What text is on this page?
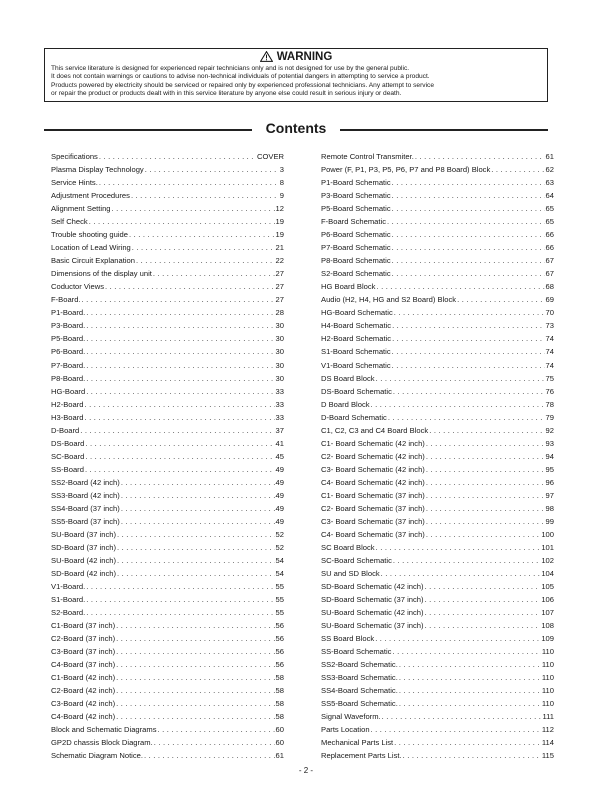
WARNING
This service literature is designed for experienced repair technicians only and is not designed for use by the general public.
It does not contain warnings or cautions to advise non-technical individuals of potential dangers in attempting to service a product.
Products powered by electricity should be serviced or repaired only by experienced professional technicians. Any attempt to service
or repair the product or products dealt with in this service literature by anyone else could result in serious injury or death.
Contents
Specifications . . .	COVER
Plasma Display Technology . . .	3
Service Hints. . . .	8
Adjustment Procedures . . .	9
Alignment Setting . . .	12
Self Check . . .	19
Trouble shooting guide . . .	19
Location of Lead Wiring . . .	21
Basic Circuit Explanation . . .	22
Dimensions of the display unit . . .	27
Coductor Views . . .	27
F-Board. . . .	27
P1-Board. . . .	28
P3-Board. . . .	30
P5-Board. . . .	30
P6-Board. . . .	30
P7-Board. . . .	30
P8-Board. . . .	30
HG-Board . . .	33
H2-Board . . .	33
H3-Board . . .	33
D-Board . . .	37
DS-Board . . .	41
SC-Board . . .	45
SS-Board . . .	49
SS2-Board (42 inch) . . .	49
SS3-Board (42 inch) . . .	49
SS4-Board (37 inch) . . .	49
SS5-Board (37 inch) . . .	49
SU-Board (37 inch) . . .	52
SD-Board (37 inch) . . .	52
SU-Board (42 inch) . . .	54
SD-Board (42 inch) . . .	54
V1-Board. . . .	55
S1-Board. . . .	55
S2-Board. . . .	55
C1-Board (37 inch) . . .	56
C2-Board (37 inch) . . .	56
C3-Board (37 inch) . . .	56
C4-Board (37 inch) . . .	56
C1-Board (42 inch) . . .	58
C2-Board (42 inch) . . .	58
C3-Board (42 inch) . . .	58
C4-Board (42 inch) . . .	58
Block and Schematic Diagrams . . .	60
GP2D chassis Block Diagram. . . .	60
Schematic Diagram Notice. . . .	61
Remote Control Transmiter. . . .	61
Power (F, P1, P3, P5, P6, P7 and P8 Board) Block . . .	62
P1-Board Schematic . . .	63
P3-Board Schematic . . .	64
P5-Board Schematic . . .	65
F-Board Schematic . . .	65
P6-Board Schematic . . .	66
P7-Board Schematic . . .	66
P8-Board Schematic . . .	67
S2-Board Schematic . . .	67
HG Board Block . . .	68
Audio (H2, H4, HG and S2 Board) Block . . .	69
HG-Board Schematic . . .	70
H4-Board Schematic . . .	73
H2-Board Schematic . . .	74
S1-Board Schematic . . .	74
V1-Board Schematic . . .	74
DS Board Block . . .	75
DS-Board Schematic . . .	76
D Board Block . . .	78
D-Board Schematic . . .	79
C1, C2, C3 and C4 Board Block . . .	92
C1- Board Schematic (42 inch) . . .	93
C2- Board Schematic (42 inch) . . .	94
C3- Board Schematic (42 inch) . . .	95
C4- Board Schematic (42 inch) . . .	96
C1- Board Schematic (37 inch) . . .	97
C2- Board Schematic (37 inch) . . .	98
C3- Board Schematic (37 inch) . . .	99
C4- Board Schematic (37 inch) . . .	100
SC Board Block . . .	101
SC-Board Schematic . . .	102
SU and SD Block . . .	104
SD-Board Schematic (42 inch) . . .	105
SD-Board Schematic (37 inch) . . .	106
SU-Board Schematic (42 inch) . . .	107
SU-Board Schematic (37 inch) . . .	108
SS Board Block . . .	109
SS-Board Schematic . . .	110
SS2-Board Schematic. . . .	110
SS3-Board Schematic. . . .	110
SS4-Board Schematic. . . .	110
SS5-Board Schematic. . . .	110
Signal Waveform. . . .	111
Parts Location . . .	112
Mechanical Parts List . . .	114
Replacement Parts List. . . .	115
- 2 -
